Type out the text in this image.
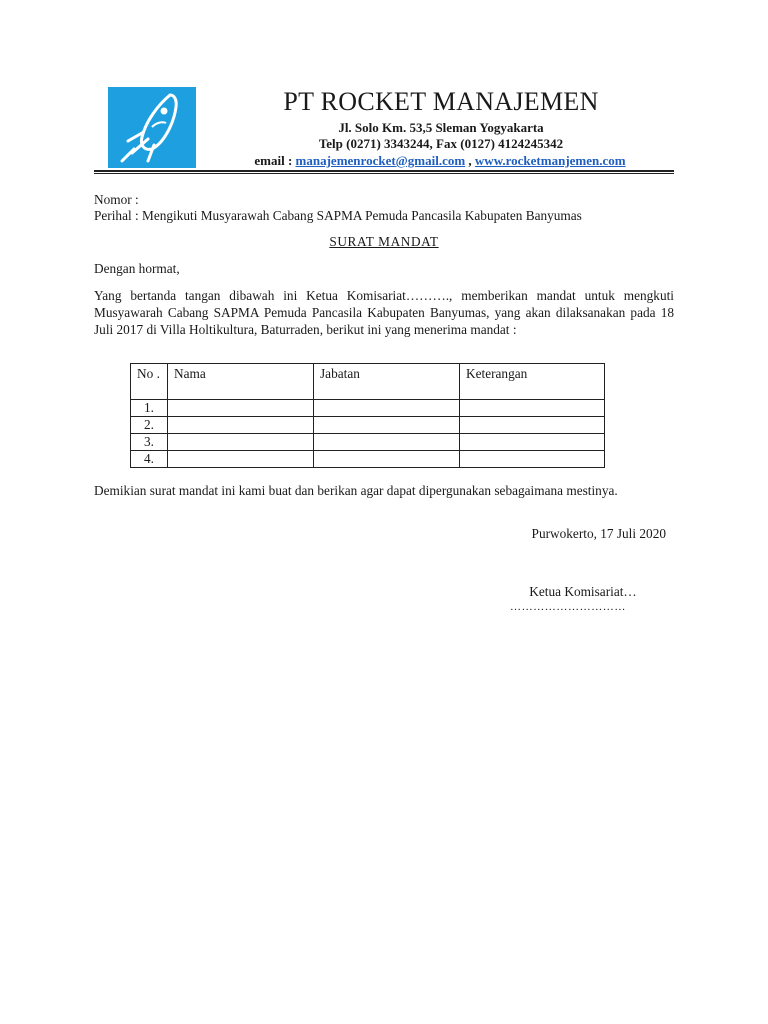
PT ROCKET MANAJEMEN
Jl. Solo Km. 53,5 Sleman Yogyakarta
Telp (0271) 3343244, Fax (0127) 4124245342
email : manajemenrocket@gmail.com , www.rocketmanjemen.com
Nomor :
Perihal : Mengikuti Musyarawah Cabang SAPMA Pemuda Pancasila Kabupaten Banyumas
SURAT MANDAT
Dengan hormat,
Yang bertanda tangan dibawah ini Ketua Komisariat………., memberikan mandat untuk mengkuti Musyawarah Cabang SAPMA Pemuda Pancasila Kabupaten Banyumas, yang akan dilaksanakan pada 18 Juli 2017 di Villa Holtikultura, Baturraden, berikut ini yang menerima mandat :
No .	Nama	Jabatan	Keterangan
1.			
2.			
3.			
4.			
Demikian surat mandat ini kami buat dan berikan agar dapat dipergunakan sebagaimana mestinya.
Purwokerto, 17 Juli 2020
Ketua Komisariat…
…………………………
